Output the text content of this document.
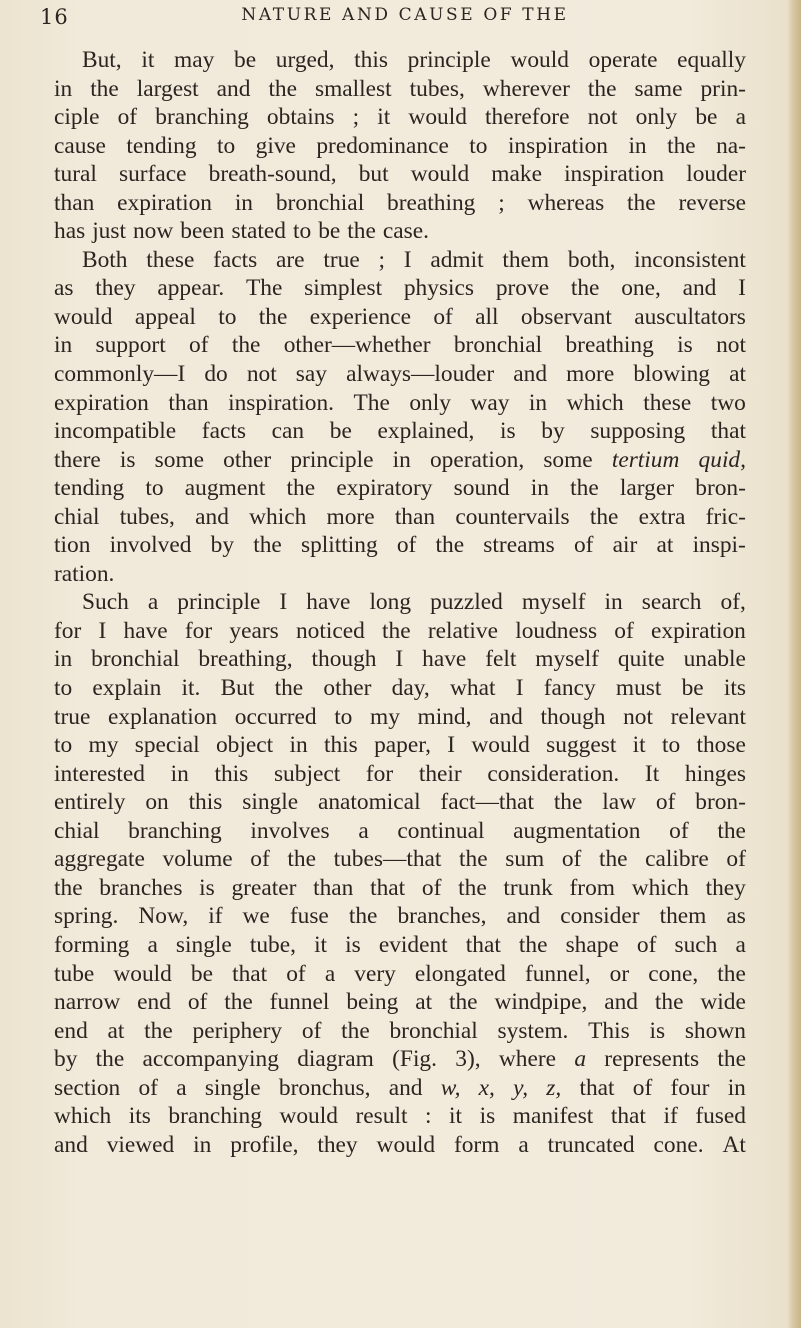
16	NATURE AND CAUSE OF THE
But, it may be urged, this principle would operate equally
in the largest and the smallest tubes, wherever the same prin-
ciple of branching obtains ; it would therefore not only be a
cause tending to give predominance to inspiration in the na-
tural surface breath-sound, but would make inspiration louder
than expiration in bronchial breathing ; whereas the reverse
has just now been stated to be the case.
Both these facts are true ; I admit them both, inconsistent
as they appear. The simplest physics prove the one, and I
would appeal to the experience of all observant auscultators
in support of the other—whether bronchial breathing is not
commonly—I do not say always—louder and more blowing at
expiration than inspiration. The only way in which these two
incompatible facts can be explained, is by supposing that
there is some other principle in operation, some tertium quid,
tending to augment the expiratory sound in the larger bron-
chial tubes, and which more than countervails the extra fric-
tion involved by the splitting of the streams of air at inspi-
ration.
Such a principle I have long puzzled myself in search of,
for I have for years noticed the relative loudness of expiration
in bronchial breathing, though I have felt myself quite unable
to explain it. But the other day, what I fancy must be its
true explanation occurred to my mind, and though not relevant
to my special object in this paper, I would suggest it to those
interested in this subject for their consideration. It hinges
entirely on this single anatomical fact—that the law of bron-
chial branching involves a continual augmentation of the
aggregate volume of the tubes—that the sum of the calibre of
the branches is greater than that of the trunk from which they
spring. Now, if we fuse the branches, and consider them as
forming a single tube, it is evident that the shape of such a
tube would be that of a very elongated funnel, or cone, the
narrow end of the funnel being at the windpipe, and the wide
end at the periphery of the bronchial system. This is shown
by the accompanying diagram (Fig. 3), where a represents the
section of a single bronchus, and w, x, y, z, that of four in
which its branching would result : it is manifest that if fused
and viewed in profile, they would form a truncated cone. At
